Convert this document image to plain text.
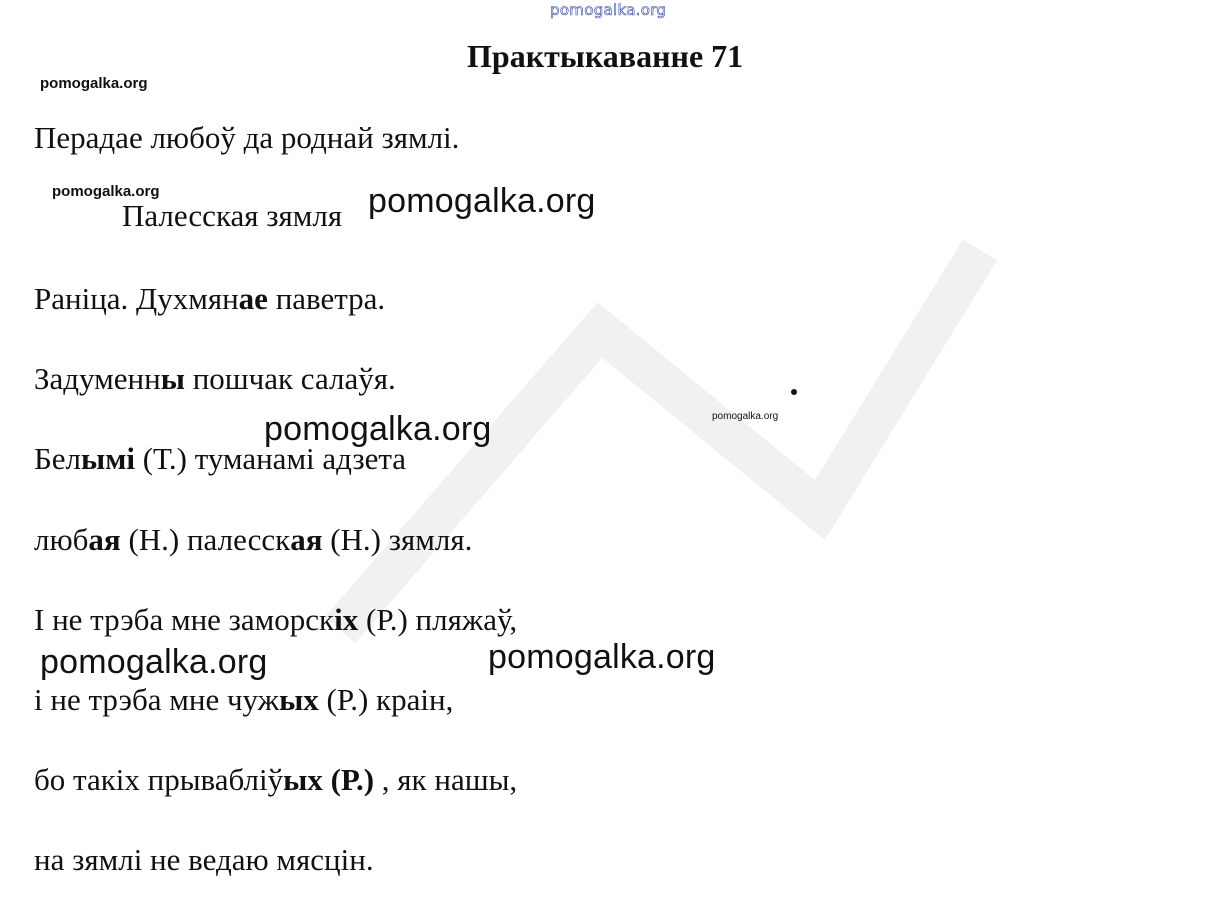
pomogalka.org
pomogalka.org
pomogalka.org
pomogalka.org
pomogalka.org
pomogalka.org
pomogalka.org	pomogalka.org
Практыкаванне 71
Перадае любоў да роднай зямлі.
Палесская зямля
Раніца. Духмянае паветра.
Задуменны пошчак салаўя.
Белымі (Т.) туманамі адзета
любая (Н.) палесская (Н.) зямля.
І не трэба мне заморскіх (Р.) пляжаў,
і не трэба мне чужых (Р.) краін,
бо такіх прывабліўых (Р.) , як нашы,
на зямлі не ведаю мясцін.
